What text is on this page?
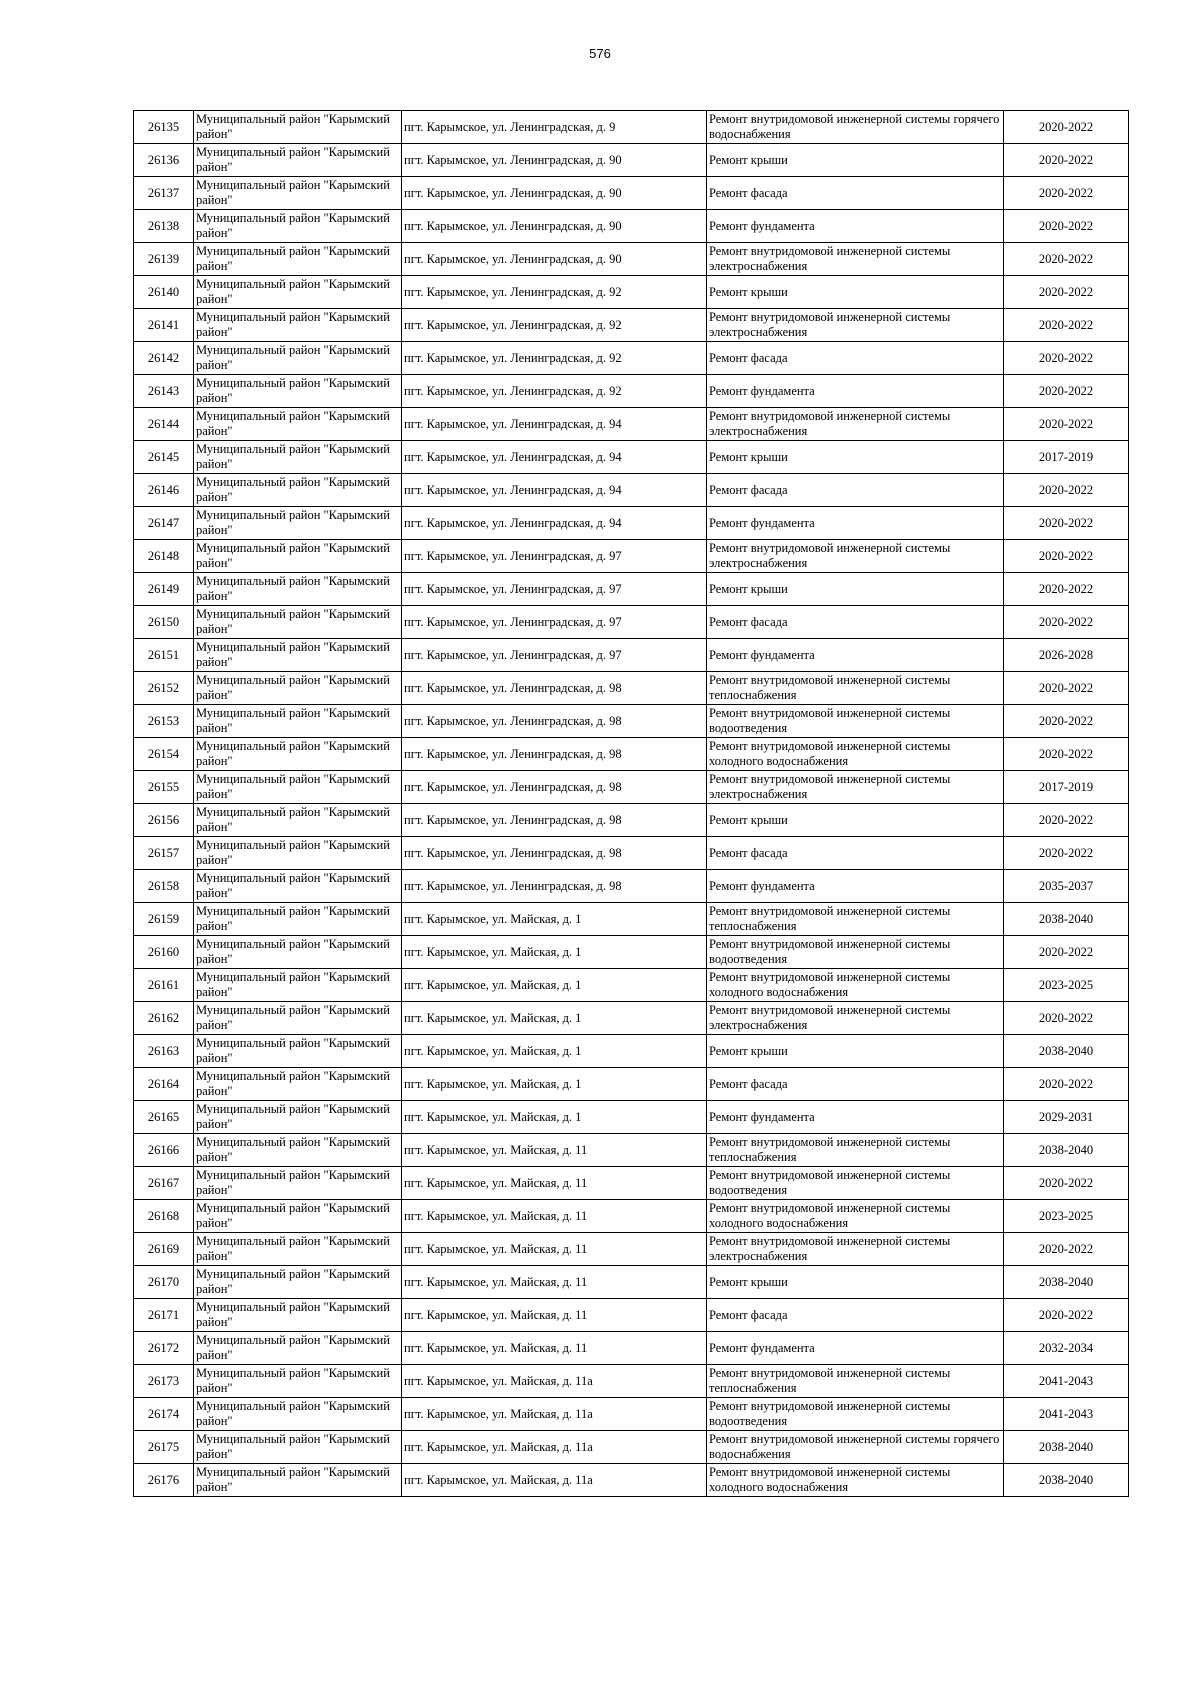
576
26135	Муниципальный район "Карымский район"	пгт. Карымское, ул. Ленинградская, д. 9	Ремонт внутридомовой инженерной системы горячего водоснабжения	2020-2022
26136	Муниципальный район "Карымский район"	пгт. Карымское, ул. Ленинградская, д. 90	Ремонт крыши	2020-2022
26137	Муниципальный район "Карымский район"	пгт. Карымское, ул. Ленинградская, д. 90	Ремонт фасада	2020-2022
26138	Муниципальный район "Карымский район"	пгт. Карымское, ул. Ленинградская, д. 90	Ремонт фундамента	2020-2022
26139	Муниципальный район "Карымский район"	пгт. Карымское, ул. Ленинградская, д. 90	Ремонт внутридомовой инженерной системы электроснабжения	2020-2022
26140	Муниципальный район "Карымский район"	пгт. Карымское, ул. Ленинградская, д. 92	Ремонт крыши	2020-2022
26141	Муниципальный район "Карымский район"	пгт. Карымское, ул. Ленинградская, д. 92	Ремонт внутридомовой инженерной системы электроснабжения	2020-2022
26142	Муниципальный район "Карымский район"	пгт. Карымское, ул. Ленинградская, д. 92	Ремонт фасада	2020-2022
26143	Муниципальный район "Карымский район"	пгт. Карымское, ул. Ленинградская, д. 92	Ремонт фундамента	2020-2022
26144	Муниципальный район "Карымский район"	пгт. Карымское, ул. Ленинградская, д. 94	Ремонт внутридомовой инженерной системы электроснабжения	2020-2022
26145	Муниципальный район "Карымский район"	пгт. Карымское, ул. Ленинградская, д. 94	Ремонт крыши	2017-2019
26146	Муниципальный район "Карымский район"	пгт. Карымское, ул. Ленинградская, д. 94	Ремонт фасада	2020-2022
26147	Муниципальный район "Карымский район"	пгт. Карымское, ул. Ленинградская, д. 94	Ремонт фундамента	2020-2022
26148	Муниципальный район "Карымский район"	пгт. Карымское, ул. Ленинградская, д. 97	Ремонт внутридомовой инженерной системы электроснабжения	2020-2022
26149	Муниципальный район "Карымский район"	пгт. Карымское, ул. Ленинградская, д. 97	Ремонт крыши	2020-2022
26150	Муниципальный район "Карымский район"	пгт. Карымское, ул. Ленинградская, д. 97	Ремонт фасада	2020-2022
26151	Муниципальный район "Карымский район"	пгт. Карымское, ул. Ленинградская, д. 97	Ремонт фундамента	2026-2028
26152	Муниципальный район "Карымский район"	пгт. Карымское, ул. Ленинградская, д. 98	Ремонт внутридомовой инженерной системы теплоснабжения	2020-2022
26153	Муниципальный район "Карымский район"	пгт. Карымское, ул. Ленинградская, д. 98	Ремонт внутридомовой инженерной системы водоотведения	2020-2022
26154	Муниципальный район "Карымский район"	пгт. Карымское, ул. Ленинградская, д. 98	Ремонт внутридомовой инженерной системы холодного водоснабжения	2020-2022
26155	Муниципальный район "Карымский район"	пгт. Карымское, ул. Ленинградская, д. 98	Ремонт внутридомовой инженерной системы электроснабжения	2017-2019
26156	Муниципальный район "Карымский район"	пгт. Карымское, ул. Ленинградская, д. 98	Ремонт крыши	2020-2022
26157	Муниципальный район "Карымский район"	пгт. Карымское, ул. Ленинградская, д. 98	Ремонт фасада	2020-2022
26158	Муниципальный район "Карымский район"	пгт. Карымское, ул. Ленинградская, д. 98	Ремонт фундамента	2035-2037
26159	Муниципальный район "Карымский район"	пгт. Карымское, ул. Майская, д. 1	Ремонт внутридомовой инженерной системы теплоснабжения	2038-2040
26160	Муниципальный район "Карымский район"	пгт. Карымское, ул. Майская, д. 1	Ремонт внутридомовой инженерной системы водоотведения	2020-2022
26161	Муниципальный район "Карымский район"	пгт. Карымское, ул. Майская, д. 1	Ремонт внутридомовой инженерной системы холодного водоснабжения	2023-2025
26162	Муниципальный район "Карымский район"	пгт. Карымское, ул. Майская, д. 1	Ремонт внутридомовой инженерной системы электроснабжения	2020-2022
26163	Муниципальный район "Карымский район"	пгт. Карымское, ул. Майская, д. 1	Ремонт крыши	2038-2040
26164	Муниципальный район "Карымский район"	пгт. Карымское, ул. Майская, д. 1	Ремонт фасада	2020-2022
26165	Муниципальный район "Карымский район"	пгт. Карымское, ул. Майская, д. 1	Ремонт фундамента	2029-2031
26166	Муниципальный район "Карымский район"	пгт. Карымское, ул. Майская, д. 11	Ремонт внутридомовой инженерной системы теплоснабжения	2038-2040
26167	Муниципальный район "Карымский район"	пгт. Карымское, ул. Майская, д. 11	Ремонт внутридомовой инженерной системы водоотведения	2020-2022
26168	Муниципальный район "Карымский район"	пгт. Карымское, ул. Майская, д. 11	Ремонт внутридомовой инженерной системы холодного водоснабжения	2023-2025
26169	Муниципальный район "Карымский район"	пгт. Карымское, ул. Майская, д. 11	Ремонт внутридомовой инженерной системы электроснабжения	2020-2022
26170	Муниципальный район "Карымский район"	пгт. Карымское, ул. Майская, д. 11	Ремонт крыши	2038-2040
26171	Муниципальный район "Карымский район"	пгт. Карымское, ул. Майская, д. 11	Ремонт фасада	2020-2022
26172	Муниципальный район "Карымский район"	пгт. Карымское, ул. Майская, д. 11	Ремонт фундамента	2032-2034
26173	Муниципальный район "Карымский район"	пгт. Карымское, ул. Майская, д. 11а	Ремонт внутридомовой инженерной системы теплоснабжения	2041-2043
26174	Муниципальный район "Карымский район"	пгт. Карымское, ул. Майская, д. 11а	Ремонт внутридомовой инженерной системы водоотведения	2041-2043
26175	Муниципальный район "Карымский район"	пгт. Карымское, ул. Майская, д. 11а	Ремонт внутридомовой инженерной системы горячего водоснабжения	2038-2040
26176	Муниципальный район "Карымский район"	пгт. Карымское, ул. Майская, д. 11а	Ремонт внутридомовой инженерной системы холодного водоснабжения	2038-2040
